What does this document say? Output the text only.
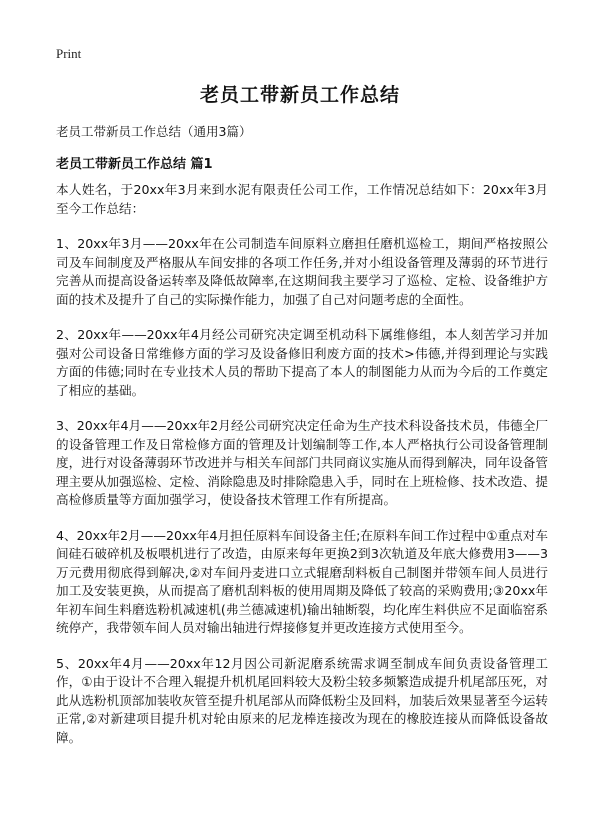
Print
老员工带新员工作总结
老员工带新员工作总结（通用3篇）
老员工带新员工作总结 篇1

本人姓名，于20xx年3月来到水泥有限责任公司工作，工作情况总结如下：20xx年3月至今工作总结：

1、20xx年3月——20xx年在公司制造车间原料立磨担任磨机巡检工，期间严格按照公司及车间制度及严格服从车间安排的各项工作任务,并对小组设备管理及薄弱的环节进行完善从而提高设备运转率及降低故障率,在这期间我主要学习了巡检、定检、设备维护方面的技术及提升了自己的实际操作能力，加强了自己对问题考虑的全面性。

2、20xx年——20xx年4月经公司研究决定调至机动科下属维修组，本人刻苦学习并加强对公司设备日常维修方面的学习及设备修旧利废方面的技术>伟德,并得到理论与实践方面的伟德;同时在专业技术人员的帮助下提高了本人的制图能力从而为今后的工作奠定了相应的基础。

3、20xx年4月——20xx年2月经公司研究决定任命为生产技术科设备技术员，伟德全厂的设备管理工作及日常检修方面的管理及计划编制等工作,本人严格执行公司设备管理制度，进行对设备薄弱环节改进并与相关车间部门共同商议实施从而得到解决，同年设备管理主要从加强巡检、定检、消除隐患及时排除隐患入手，同时在上班检修、技术改造、提高检修质量等方面加强学习，使设备技术管理工作有所提高。

4、20xx年2月——20xx年4月担任原料车间设备主任;在原料车间工作过程中①重点对车间硅石破碎机及板喂机进行了改造，由原来每年更换2到3次轨道及年底大修费用3——3万元费用彻底得到解决,②对车间丹麦进口立式辊磨刮料板自己制图并带领车间人员进行加工及安装更换，从而提高了磨机刮料板的使用周期及降低了较高的采购费用;③20xx年年初车间生料磨选粉机减速机(弗兰德减速机)输出轴断裂，均化库生料供应不足面临窑系统停产，我带领车间人员对输出轴进行焊接修复并更改连接方式使用至今。

5、20xx年4月——20xx年12月因公司新泥磨系统需求调至制成车间负责设备管理工作，①由于设计不合理入辊提升机机尾回料较大及粉尘较多频繁造成提升机尾部压死，对此从选粉机顶部加装收灰管至提升机尾部从而降低粉尘及回料，加装后效果显著至今运转正常,②对新建项目提升机对轮由原来的尼龙棒连接改为现在的橡胶连接从而降低设备故障。
